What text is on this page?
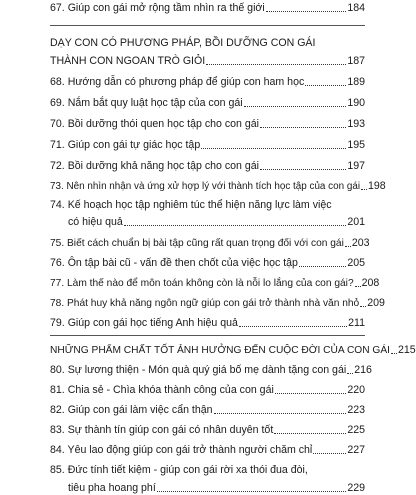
67. Giúp con gái mở rộng tầm nhìn ra thế giới	184
DẠY CON CÓ PHƯƠNG PHÁP, BỒI DƯỠNG CON GÁI
THÀNH CON NGOAN TRÒ GIỎI	187
68. Hướng dẫn có phương pháp để giúp con ham học	189
69. Nắm bắt quy luật học tập của con gái	190
70. Bồi dưỡng thói quen học tập cho con gái	193
71. Giúp con gái tự giác học tập	195
72. Bồi dưỡng khả năng học tập cho con gái	197
73. Nên nhìn nhận và ứng xử hợp lý với thành tích học tập của con gái 198
74. Kế hoạch học tập nghiêm túc thể hiện năng lực làm việc
có hiệu quả	201
75. Biết cách chuẩn bị bài tập cũng rất quan trọng đối với con gái 203
76. Ôn tập bài cũ - vấn đề then chốt của việc học tập	205
77. Làm thế nào để môn toán không còn là nỗi lo lắng của con gái? 208
78. Phát huy khả năng ngôn ngữ giúp con gái trở thành nhà văn nhỏ 209
79. Giúp con gái học tiếng Anh hiệu quả	211
NHỮNG PHẨM CHẤT TỐT ẢNH HƯỞNG ĐẾN CUỘC ĐỜI CỦA CON GÁI 215
80. Sự lương thiện - Món quà quý giá bố mẹ dành tặng con gái 216
81. Chia sẻ - Chìa khóa thành công của con gái	220
82. Giúp con gái làm việc cẩn thận	223
83. Sự thành tín giúp con gái có nhân duyên tốt	225
84. Yêu lao động giúp con gái trở thành người chăm chỉ	227
85. Đức tính tiết kiệm - giúp con gái rời xa thói đua đòi,
tiêu pha hoang phí	229
